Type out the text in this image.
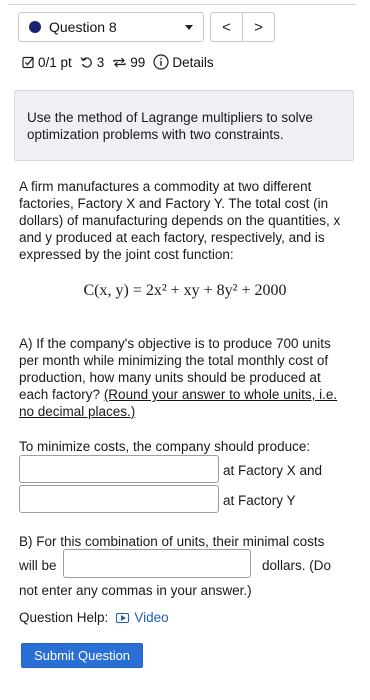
Question 8	< >
0/1 pt 3 99 Details
Use the method of Lagrange multipliers to solve optimization problems with two constraints.
A firm manufactures a commodity at two different factories, Factory X and Factory Y. The total cost (in dollars) of manufacturing depends on the quantities, x and y produced at each factory, respectively, and is expressed by the joint cost function:
C(x, y) = 2x² + xy + 8y² + 2000
A) If the company's objective is to produce 700 units per month while minimizing the total monthly cost of production, how many units should be produced at each factory? (Round your answer to whole units, i.e. no decimal places.)
To minimize costs, the company should produce:
at Factory X and
at Factory Y
B) For this combination of units, their minimal costs
will be	dollars. (Do
not enter any commas in your answer.)
Question Help: Video
Submit Question
